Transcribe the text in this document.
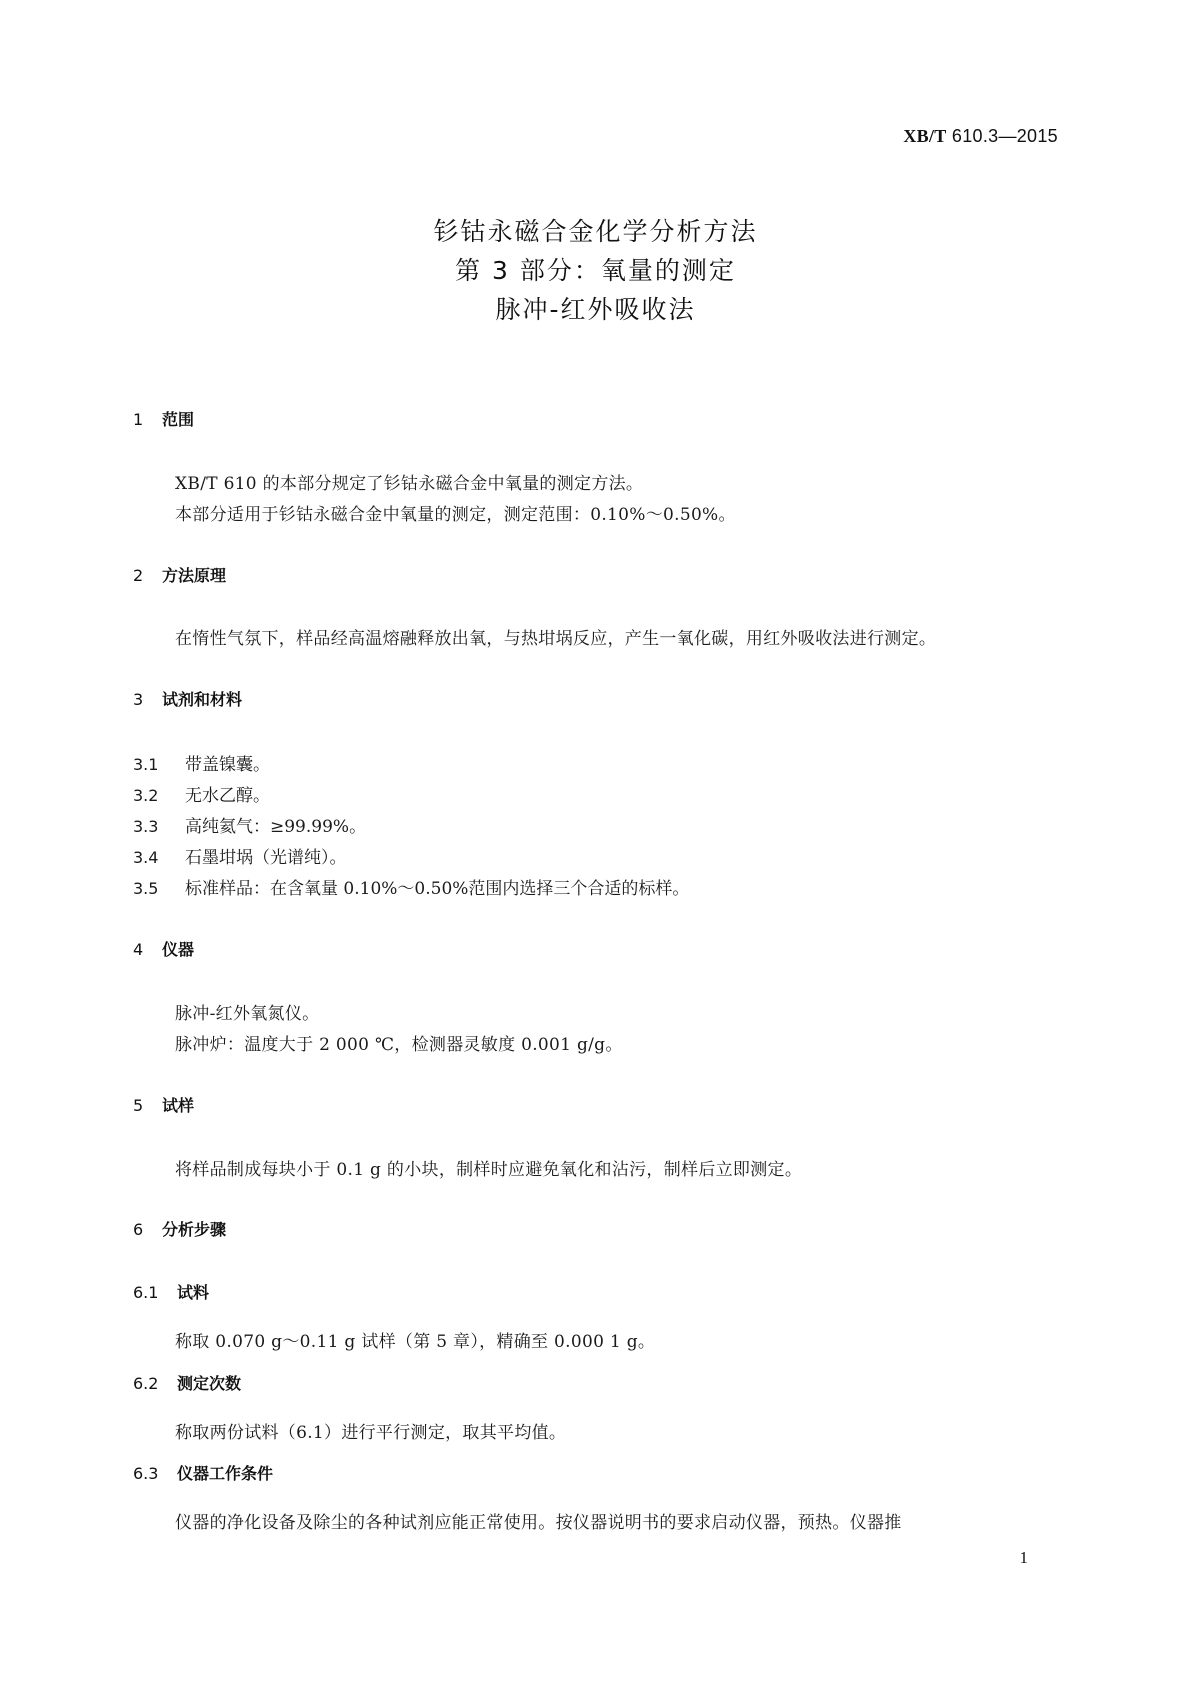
XB/T 610.3—2015
钐钴永磁合金化学分析方法
第 3 部分：氧量的测定
脉冲-红外吸收法
1 范围
XB/T 610 的本部分规定了钐钴永磁合金中氧量的测定方法。
本部分适用于钐钴永磁合金中氧量的测定，测定范围：0.10%～0.50%。
2 方法原理
在惰性气氛下，样品经高温熔融释放出氧，与热坩埚反应，产生一氧化碳，用红外吸收法进行测定。
3 试剂和材料
3.1 带盖镍囊。
3.2 无水乙醇。
3.3 高纯氦气：≥99.99%。
3.4 石墨坩埚（光谱纯）。
3.5 标准样品：在含氧量 0.10%～0.50%范围内选择三个合适的标样。
4 仪器
脉冲-红外氧氮仪。
脉冲炉：温度大于 2 000 ℃，检测器灵敏度 0.001 g/g。
5 试样
将样品制成每块小于 0.1 g 的小块，制样时应避免氧化和沾污，制样后立即测定。
6 分析步骤
6.1 试料
称取 0.070 g～0.11 g 试样（第 5 章），精确至 0.000 1 g。
6.2 测定次数
称取两份试料（6.1）进行平行测定，取其平均值。
6.3 仪器工作条件
仪器的净化设备及除尘的各种试剂应能正常使用。按仪器说明书的要求启动仪器，预热。仪器推
1
